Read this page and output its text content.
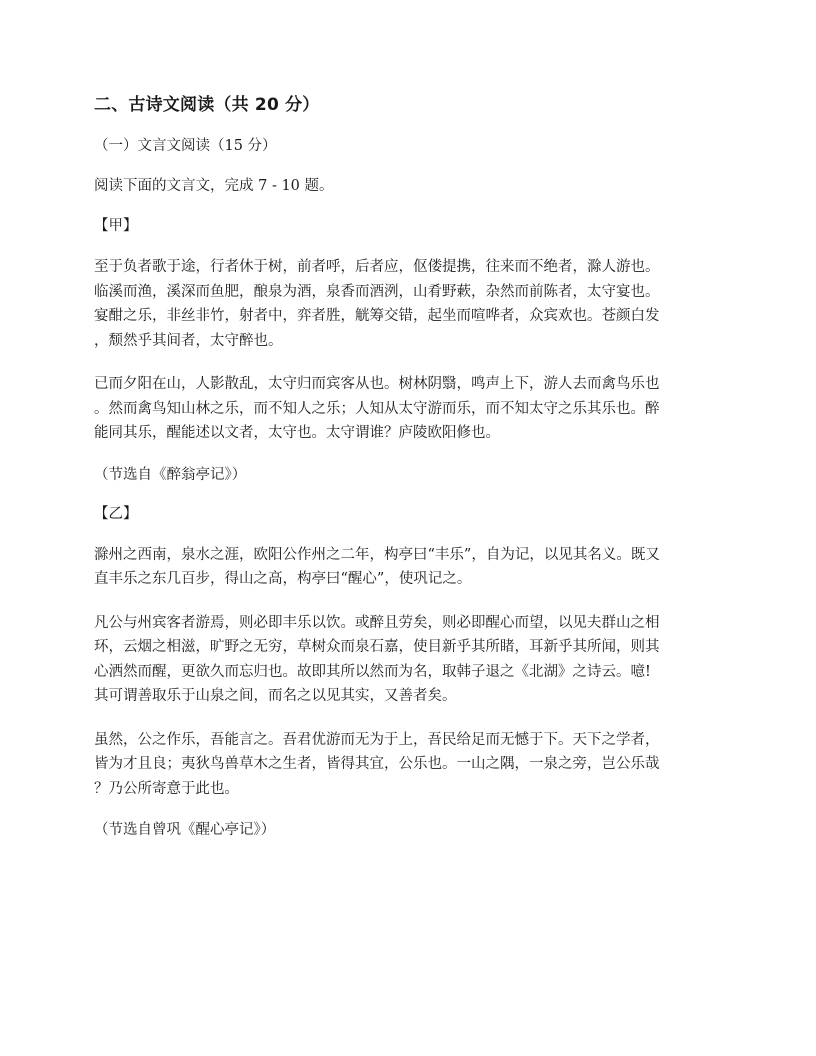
二、古诗文阅读（共 20 分）
（一）文言文阅读（15 分）
阅读下面的文言文，完成 7 - 10 题。
【甲】
至于负者歌于途，行者休于树，前者呼，后者应，伛偻提携，往来而不绝者，滁人游也。
临溪而渔，溪深而鱼肥，酿泉为酒，泉香而酒洌，山肴野蔌，杂然而前陈者，太守宴也。
宴酣之乐，非丝非竹，射者中，弈者胜，觥筹交错，起坐而喧哗者，众宾欢也。苍颜白发
，颓然乎其间者，太守醉也。
已而夕阳在山，人影散乱，太守归而宾客从也。树林阴翳，鸣声上下，游人去而禽鸟乐也
。然而禽鸟知山林之乐，而不知人之乐；人知从太守游而乐，而不知太守之乐其乐也。醉
能同其乐，醒能述以文者，太守也。太守谓谁？庐陵欧阳修也。
（节选自《醉翁亭记》）
【乙】
滁州之西南，泉水之涯，欧阳公作州之二年，构亭曰“丰乐”，自为记，以见其名义。既又
直丰乐之东几百步，得山之高，构亭曰“醒心”，使巩记之。
凡公与州宾客者游焉，则必即丰乐以饮。或醉且劳矣，则必即醒心而望，以见夫群山之相
环，云烟之相滋，旷野之无穷，草树众而泉石嘉，使目新乎其所睹，耳新乎其所闻，则其
心洒然而醒，更欲久而忘归也。故即其所以然而为名，取韩子退之《北湖》之诗云。噫!
其可谓善取乐于山泉之间，而名之以见其实，又善者矣。
虽然，公之作乐，吾能言之。吾君优游而无为于上，吾民给足而无憾于下。天下之学者，
皆为才且良；夷狄鸟兽草木之生者，皆得其宜，公乐也。一山之隅，一泉之旁，岂公乐哉
？乃公所寄意于此也。
（节选自曾巩《醒心亭记》）
